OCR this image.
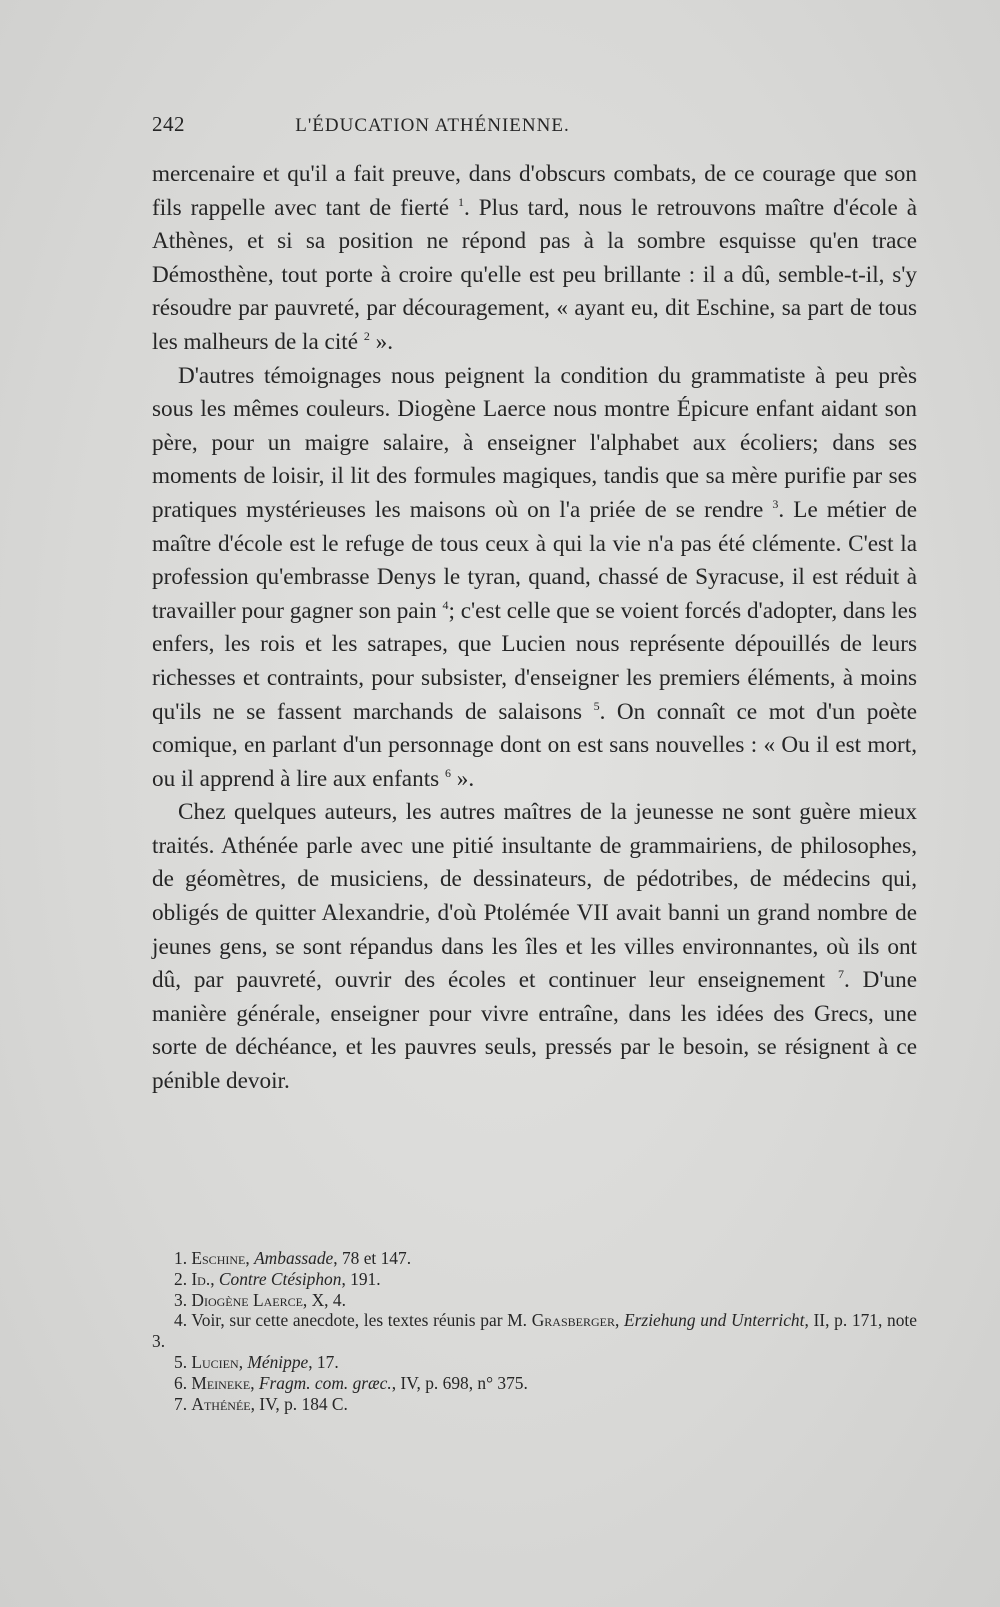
242	L'ÉDUCATION ATHÉNIENNE.

mercenaire et qu'il a fait preuve, dans d'obscurs combats, de ce courage que son fils rappelle avec tant de fierté $^1$. Plus tard, nous le retrouvons maître d'école à Athènes, et si sa position ne répond pas à la sombre esquisse qu'en trace Démosthène, tout porte à croire qu'elle est peu brillante : il a dû, semble-t-il, s'y résoudre par pauvreté, par découragement, « ayant eu, dit Eschine, sa part de tous les malheurs de la cité $^2$ ».

D'autres témoignages nous peignent la condition du grammatiste à peu près sous les mêmes couleurs. Diogène Laerce nous montre Épicure enfant aidant son père, pour un maigre salaire, à enseigner l'alphabet aux écoliers; dans ses moments de loisir, il lit des formules magiques, tandis que sa mère purifie par ses pratiques mystérieuses les maisons où on l'a priée de se rendre $^3$. Le métier de maître d'école est le refuge de tous ceux à qui la vie n'a pas été clémente. C'est la profession qu'embrasse Denys le tyran, quand, chassé de Syracuse, il est réduit à travailler pour gagner son pain $^4$; c'est celle que se voient forcés d'adopter, dans les enfers, les rois et les satrapes, que Lucien nous représente dépouillés de leurs richesses et contraints, pour subsister, d'enseigner les premiers éléments, à moins qu'ils ne se fassent marchands de salaisons $^5$. On connaît ce mot d'un poète comique, en parlant d'un personnage dont on est sans nouvelles : « Ou il est mort, ou il apprend à lire aux enfants $^6$ ».

Chez quelques auteurs, les autres maîtres de la jeunesse ne sont guère mieux traités. Athénée parle avec une pitié insultante de grammairiens, de philosophes, de géomètres, de musiciens, de dessinateurs, de pédotribes, de médecins qui, obligés de quitter Alexandrie, d'où Ptolémée VII avait banni un grand nombre de jeunes gens, se sont répandus dans les îles et les villes environnantes, où ils ont dû, par pauvreté, ouvrir des écoles et continuer leur enseignement $^7$. D'une manière générale, enseigner pour vivre entraîne, dans les idées des Grecs, une sorte de déchéance, et les pauvres seuls, pressés par le besoin, se résignent à ce pénible devoir.

1. Eschine, Ambassade, 78 et 147.
2. Id., Contre Ctésiphon, 191.
3. Diogène Laerce, X, 4.
4. Voir, sur cette anecdote, les textes réunis par M. Grasberger, Erziehung und Unterricht, II, p. 171, note 3.
5. Lucien, Ménippe, 17.
6. Meineke, Fragm. com. græc., IV, p. 698, n° 375.
7. Athénée, IV, p. 184 C.
